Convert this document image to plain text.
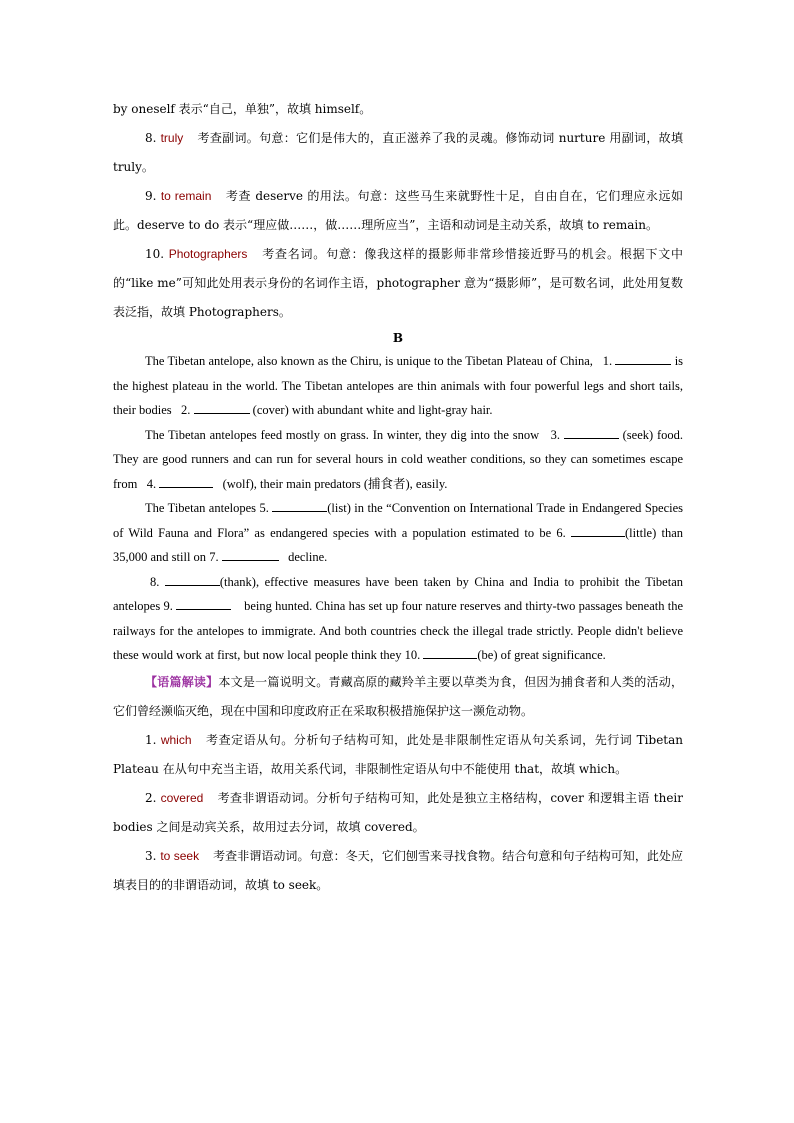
by oneself 表示“自己，单独”，故填 himself。

8. truly 考查副词。句意：它们是伟大的，直正滋养了我的灵魂。修饰动词 nurture 用副词，故填 truly。

9. to remain 考查 deserve 的用法。句意：这些马生来就野性十足，自由自在，它们理应永远如此。deserve to do 表示“理应做……，做……理所应当”，主语和动词是主动关系，故填 to remain。

10. Photographers 考查名词。句意：像我这样的摄影师非常珍惜接近野马的机会。根据下文中的“like me”可知此处用表示身份的名词作主语，photographer 意为“摄影师”，是可数名词，此处用复数表泛指，故填 Photographers。

B

The Tibetan antelope, also known as the Chiru, is unique to the Tibetan Plateau of China, 1.	is the highest plateau in the world. The Tibetan antelopes are thin animals with four powerful legs and short tails, their bodies 2.	(cover) with abundant white and light-gray hair.

The Tibetan antelopes feed mostly on grass. In winter, they dig into the snow 3.	(seek) food. They are good runners and can run for several hours in cold weather conditions, so they can sometimes escape from 4.	(wolf), their main predators (捕食者), easily.

The Tibetan antelopes 5.	(list) in the “Convention on International Trade in Endangered Species of Wild Fauna and Flora” as endangered species with a population estimated to be 6.	(little) than 35,000 and still on 7.	decline.

8.	(thank), effective measures have been taken by China and India to prohibit the Tibetan antelopes 9.	being hunted. China has set up four nature reserves and thirty-two passages beneath the railways for the antelopes to immigrate. And both countries check the illegal trade strictly. People didn't believe these would work at first, but now local people think they 10.	(be) of great significance.

【语篇解读】本文是一篇说明文。青藏高原的藏羚羊主要以草类为食，但因为捕食者和人类的活动，它们曾经濒临灭绝，现在中国和印度政府正在采取积极措施保护这一濒危动物。

1. which 考查定语从句。分析句子结构可知，此处是非限制性定语从句关系词，先行词 Tibetan Plateau 在从句中充当主语，故用关系代词，非限制性定语从句中不能使用 that，故填 which。

2. covered 考查非谓语动词。分析句子结构可知，此处是独立主格结构，cover 和逻辑主语 their bodies 之间是动宾关系，故用过去分词，故填 covered。

3. to seek 考查非谓语动词。句意：冬天，它们刨雪来寻找食物。结合句意和句子结构可知，此处应填表目的的非谓语动词，故填 to seek。
